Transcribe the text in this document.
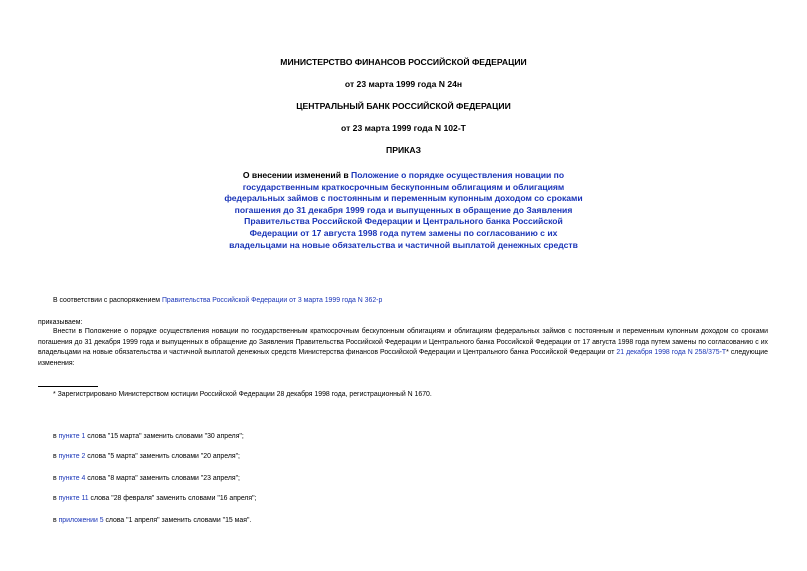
МИНИСТЕРСТВО ФИНАНСОВ РОССИЙСКОЙ ФЕДЕРАЦИИ
от 23 марта 1999 года N 24н
ЦЕНТРАЛЬНЫЙ БАНК РОССИЙСКОЙ ФЕДЕРАЦИИ
от 23 марта 1999 года N 102-Т
ПРИКАЗ
О внесении изменений в Положение о порядке осуществления новации по государственным краткосрочным бескупонным облигациям и облигациям федеральных займов с постоянным и переменным купонным доходом со сроками погашения до 31 декабря 1999 года и выпущенных в обращение до Заявления Правительства Российской Федерации и Центрального банка Российской Федерации от 17 августа 1998 года путем замены по согласованию с их владельцами на новые обязательства и частичной выплатой денежных средств
В соответствии с распоряжением Правительства Российской Федерации от 3 марта 1999 года N 362-р
приказываем:
Внести в Положение о порядке осуществления новации по государственным краткосрочным бескупонным облигациям и облигациям федеральных займов с постоянным и переменным купонным доходом со сроками погашения до 31 декабря 1999 года и выпущенных в обращение до Заявления Правительства Российской Федерации и Центрального банка Российской Федерации от 17 августа 1998 года путем замены по согласованию с их владельцами на новые обязательства и частичной выплатой денежных средств Министерства финансов Российской Федерации и Центрального банка Российской Федерации от 21 декабря 1998 года N 258/375-Т* следующие изменения:
* Зарегистрировано Министерством юстиции Российской Федерации 28 декабря 1998 года, регистрационный N 1670.
в пункте 1 слова "15 марта" заменить словами "30 апреля";
в пункте 2 слова "5 марта" заменить словами "20 апреля";
в пункте 4 слова "8 марта" заменить словами "23 апреля";
в пункте 11 слова "28 февраля" заменить словами "16 апреля";
в приложении 5 слова "1 апреля" заменить словами "15 мая".
